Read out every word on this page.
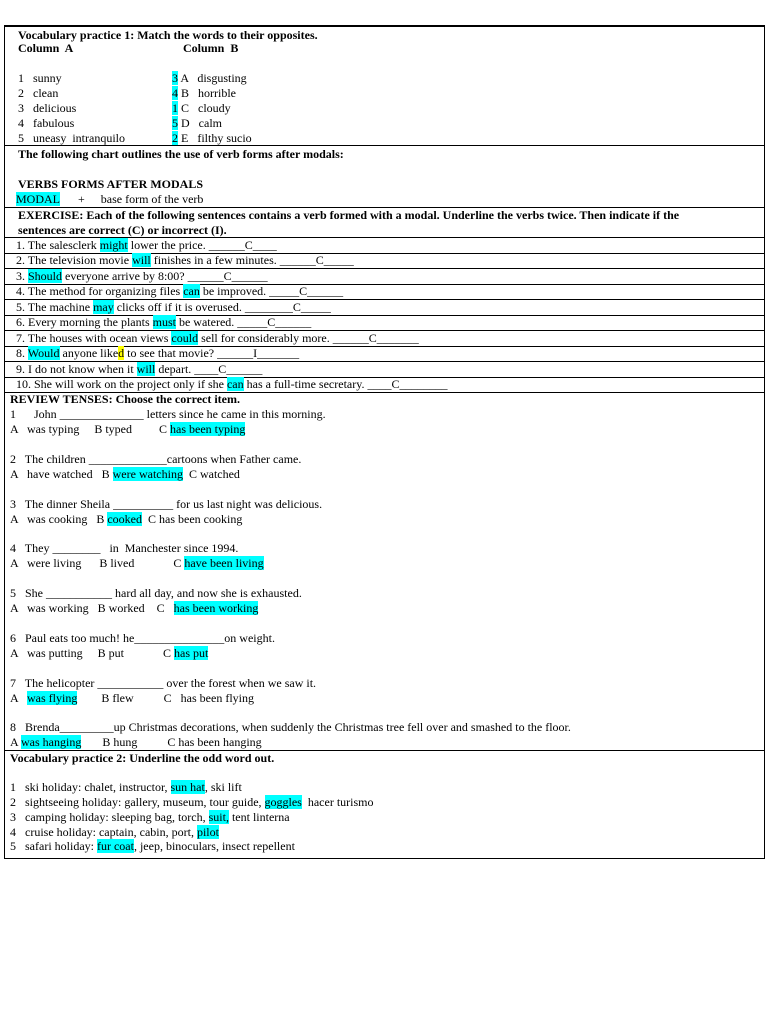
Vocabulary practice 1: Match the words to their opposites.
Column  A	Column  B
1   sunny
2   clean
3   delicious
4   fabulous
5   uneasy  intranquilo
3 A   disgusting
4 B   horrible
1 C   cloudy
5 D   calm
2 E   filthy sucio
The following chart outlines the use of verb forms after modals:
VERBS FORMS AFTER MODALS
MODAL + base form of the verb
EXERCISE: Each of the following sentences contains a verb formed with a modal. Underline the verbs twice. Then indicate if the
sentences are correct (C) or incorrect (I).
1. The salesclerk might lower the price. ______C____
2. The television movie will finishes in a few minutes. ______C_____
3. Should everyone arrive by 8:00? ______C______
4. The method for organizing files can be improved. _____C______
5. The machine may clicks off if it is overused. ________C_____
6. Every morning the plants must be watered. _____C______
7. The houses with ocean views could sell for considerably more. ______C_______
8. Would anyone liked to see that movie? ______I_______
9. I do not know when it will depart. ____C______
10. She will work on the project only if she can has a full-time secretary. ____C________
REVIEW TENSES: Choose the correct item.
1      John ______________ letters since he came in this morning.
A   was typing     B typed         C has been typing
2   The children _____________cartoons when Father came.
A   have watched   B were watching  C watched
3   The dinner Sheila __________ for us last night was delicious.
A   was cooking   B cooked  C has been cooking
4   They ________   in  Manchester since 1994.
A   were living      B lived             C have been living
5   She ___________ hard all day, and now she is exhausted.
A   was working   B worked    C   has been working
6   Paul eats too much! he_______________on weight.
A   was putting     B put             C has put
7   The helicopter ___________ over the forest when we saw it.
A   was flying        B flew          C   has been flying
8   Brenda_________up Christmas decorations, when suddenly the Christmas tree fell over and smashed to the floor.
A was hanging       B hung          C has been hanging
Vocabulary practice 2: Underline the odd word out.
1   ski holiday: chalet, instructor, sun hat, ski lift
2   sightseeing holiday: gallery, museum, tour guide, goggles  hacer turismo
3   camping holiday: sleeping bag, torch, suit, tent linterna
4   cruise holiday: captain, cabin, port, pilot
5   safari holiday: fur coat, jeep, binoculars, insect repellent
